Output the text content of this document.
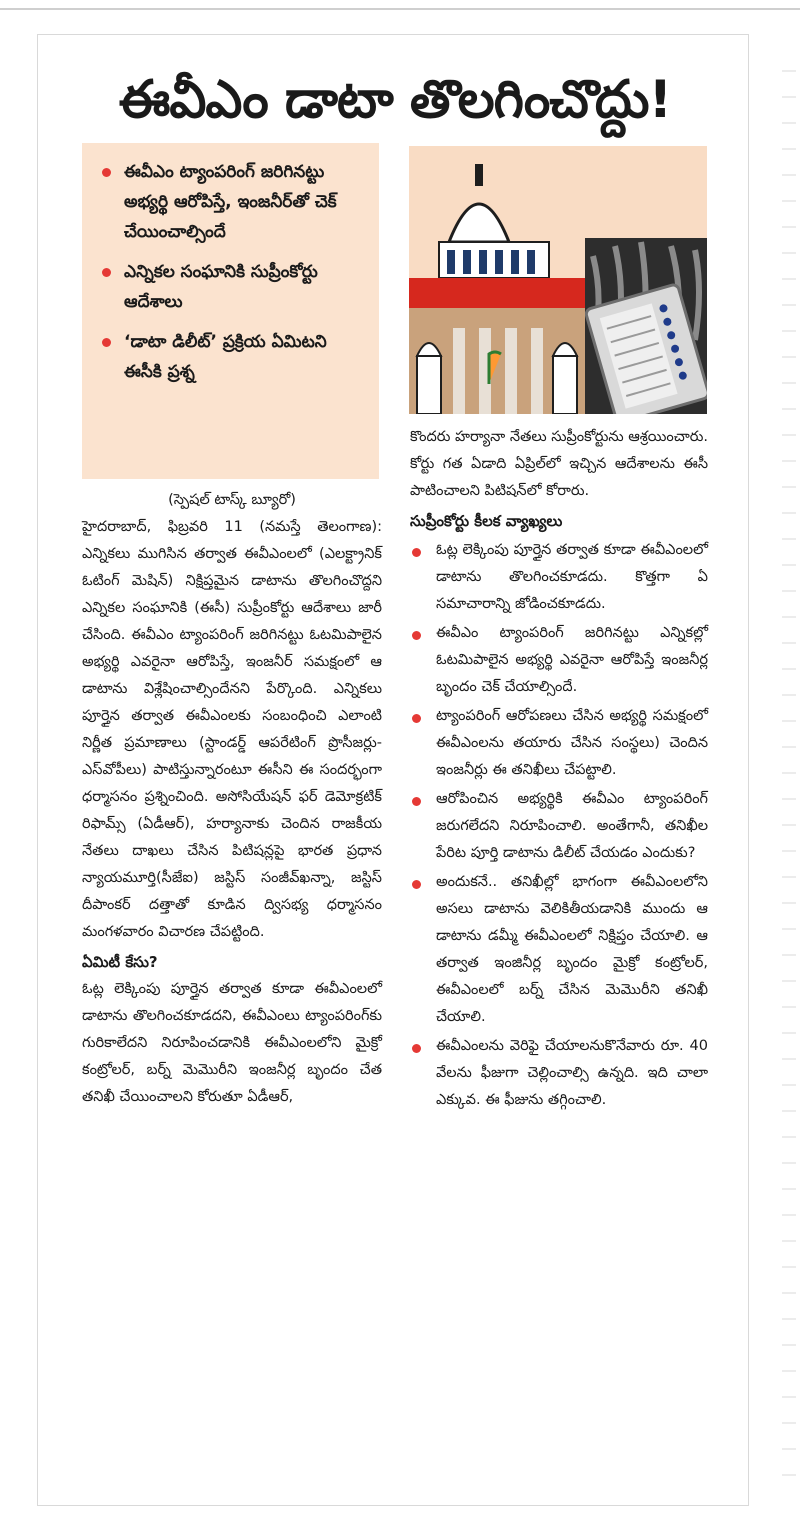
ఈవీఎం డాటా తొలగించొద్దు!
ఈవీఎం ట్యాంపరింగ్ జరిగినట్టు అభ్యర్థి ఆరోపిస్తే, ఇంజనీర్‌తో చెక్ చేయించాల్సిందే
ఎన్నికల సంఘానికి సుప్రీంకోర్టు ఆదేశాలు
‘డాటా డిలీట్’ ప్రక్రియ ఏమిటని ఈసీకి ప్రశ్న
(స్పెషల్ టాస్క్ బ్యూరో)

హైదరాబాద్, ఫిబ్రవరి 11 (నమస్తే తెలంగాణ): ఎన్నికలు ముగిసిన తర్వాత ఈవీఎంలలో (ఎలక్ట్రానిక్ ఓటింగ్ మెషిన్) నిక్షిప్తమైన డాటాను తొలగించొద్దని ఎన్నికల సంఘానికి (ఈసీ) సుప్రీంకోర్టు ఆదేశాలు జారీ చేసింది. ఈవీఎం ట్యాంపరింగ్ జరిగినట్టు ఓటమిపాలైన అభ్యర్థి ఎవరైనా ఆరోపిస్తే, ఇంజనీర్ సమక్షంలో ఆ డాటాను విశ్లేషించాల్సిందేనని పేర్కొంది. ఎన్నికలు పూర్తైన తర్వాత ఈవీఎంలకు సంబంధించి ఎలాంటి నిర్ణీత ప్రమాణాలు (స్టాండర్డ్ ఆపరేటింగ్ ప్రొసీజర్లు-ఎస్‌వోపీలు) పాటిస్తున్నారంటూ ఈసీని ఈ సందర్భంగా ధర్మాసనం ప్రశ్నించింది. అసోసియేషన్ ఫర్ డెమోక్రటిక్ రిఫామ్స్ (ఏడీఆర్), హర్యానాకు చెందిన రాజకీయ నేతలు దాఖలు చేసిన పిటిషన్లపై భారత ప్రధాన న్యాయమూర్తి(సీజేఐ) జస్టిస్ సంజీవ్‌ఖన్నా, జస్టిస్ దీపాంకర్ దత్తాతో కూడిన ద్విసభ్య ధర్మాసనం మంగళవారం విచారణ చేపట్టింది.

ఏమిటీ కేసు?

ఓట్ల లెక్కింపు పూర్తైన తర్వాత కూడా ఈవీఎంలలో డాటాను తొలగించకూడదని, ఈవీఎంలు ట్యాంపరింగ్‌కు గురికాలేదని నిరూపించడానికి ఈవీఎంలలోని మైక్రో కంట్రోలర్, బర్న్ మెమొరీని ఇంజనీర్ల బృందం చేత తనిఖీ చేయించాలని కోరుతూ ఏడీఆర్,

కొందరు హర్యానా నేతలు సుప్రీంకోర్టును ఆశ్రయించారు. కోర్టు గత ఏడాది ఏప్రిల్‌లో ఇచ్చిన ఆదేశాలను ఈసీ పాటించాలని పిటిషన్‌లో కోరారు.

సుప్రీంకోర్టు కీలక వ్యాఖ్యలు

ఓట్ల లెక్కింపు పూర్తైన తర్వాత కూడా ఈవీఎంలలో డాటాను తొలగించకూడదు. కొత్తగా ఏ సమాచారాన్ని జోడించకూడదు.

ఈవీఎం ట్యాంపరింగ్ జరిగినట్టు ఎన్నికల్లో ఓటమిపాలైన అభ్యర్థి ఎవరైనా ఆరోపిస్తే ఇంజనీర్ల బృందం చెక్ చేయాల్సిందే.

ట్యాంపరింగ్ ఆరోపణలు చేసిన అభ్యర్థి సమక్షంలో ఈవీఎంలను తయారు చేసిన సంస్థలు) చెందిన ఇంజనీర్లు ఈ తనిఖీలు చేపట్టాలి.

ఆరోపించిన అభ్యర్థికి ఈవీఎం ట్యాంపరింగ్ జరుగలేదని నిరూపించాలి. అంతేగానీ, తనిఖీల పేరిట పూర్తి డాటాను డిలీట్ చేయడం ఎందుకు?

అందుకనే.. తనిఖీల్లో భాగంగా ఈవీఎంలలోని అసలు డాటాను వెలికితీయడానికి ముందు ఆ డాటాను డమ్మీ ఈవీఎంలలో నిక్షిప్తం చేయాలి. ఆ తర్వాత ఇంజినీర్ల బృందం మైక్రో కంట్రోలర్, ఈవీఎంలలో బర్న్ చేసిన మెమొరీని తనిఖీ చేయాలి.

ఈవీఎంలను వెరిఫై చేయాలనుకొనేవారు రూ. 40 వేలను ఫీజుగా చెల్లించాల్సి ఉన్నది. ఇది చాలా ఎక్కువ. ఈ ఫీజును తగ్గించాలి.
